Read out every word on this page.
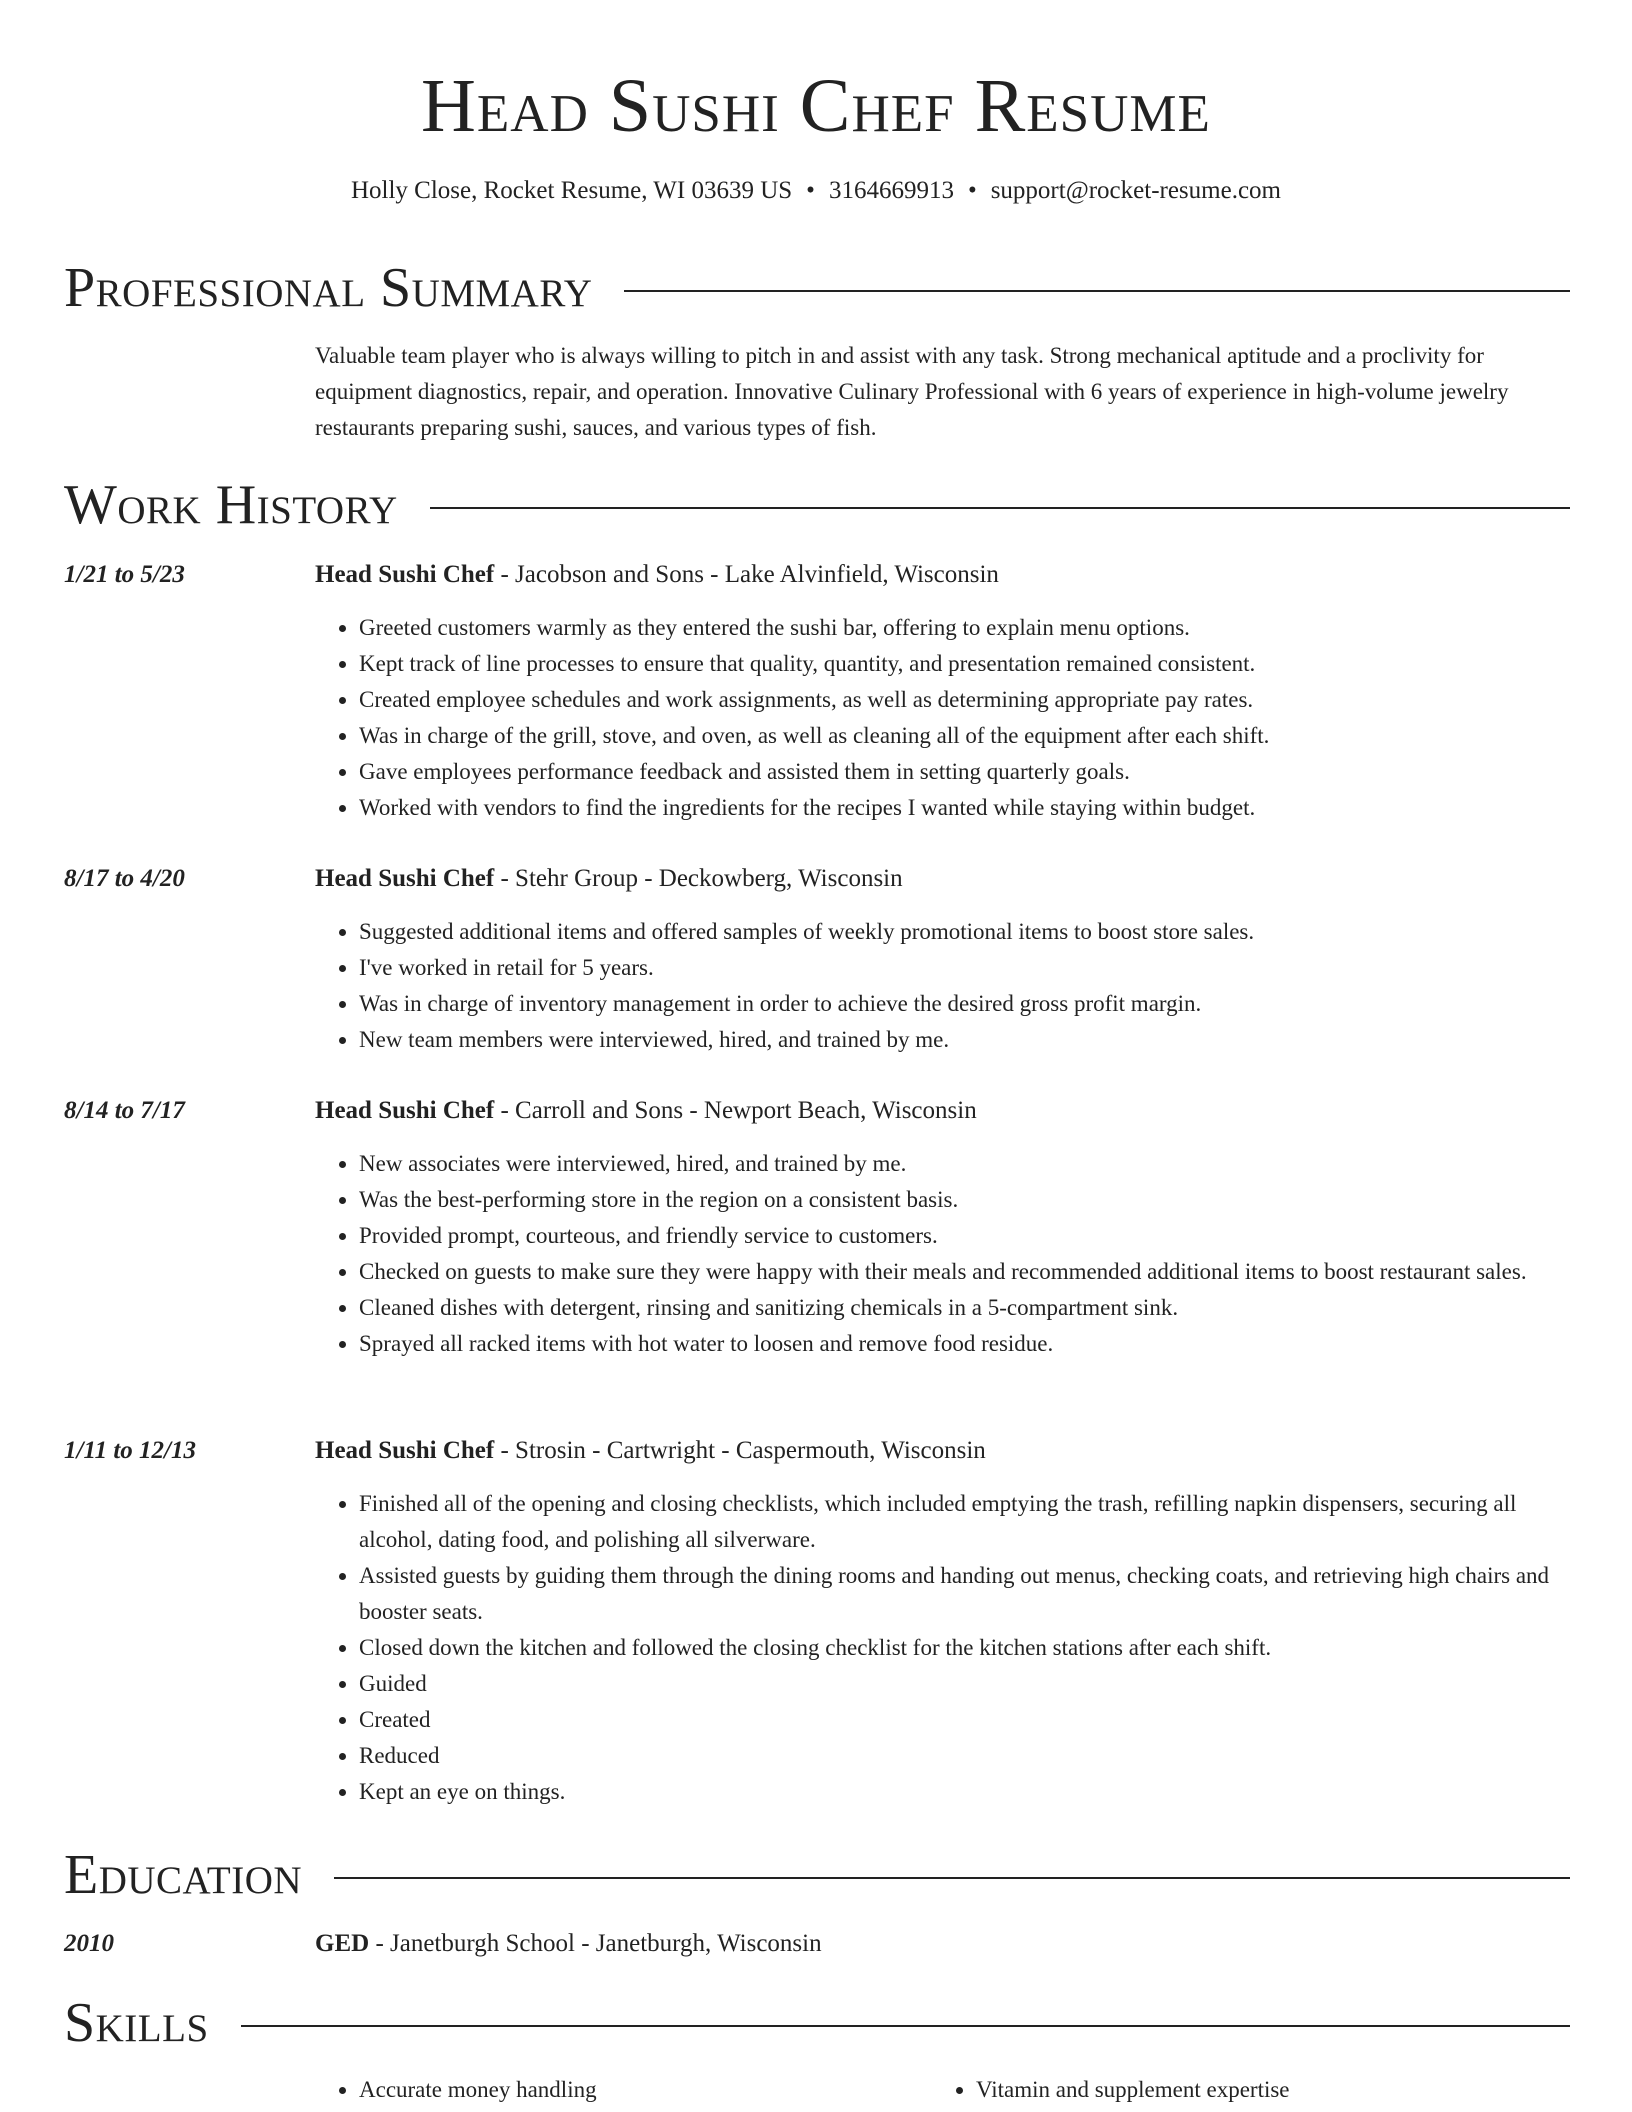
Head Sushi Chef Resume
Holly Close, Rocket Resume, WI 03639 US • 3164669913 • support@rocket-resume.com
Professional Summary

Valuable team player who is always willing to pitch in and assist with any task. Strong mechanical aptitude and a proclivity for equipment diagnostics, repair, and operation. Innovative Culinary Professional with 6 years of experience in high-volume jewelry restaurants preparing sushi, sauces, and various types of fish.

Work History
1/21 to 5/23	Head Sushi Chef - Jacobson and Sons - Lake Alvinfield, Wisconsin
• Greeted customers warmly as they entered the sushi bar, offering to explain menu options.
• Kept track of line processes to ensure that quality, quantity, and presentation remained consistent.
• Created employee schedules and work assignments, as well as determining appropriate pay rates.
• Was in charge of the grill, stove, and oven, as well as cleaning all of the equipment after each shift.
• Gave employees performance feedback and assisted them in setting quarterly goals.
• Worked with vendors to find the ingredients for the recipes I wanted while staying within budget.
8/17 to 4/20	Head Sushi Chef - Stehr Group - Deckowberg, Wisconsin
• Suggested additional items and offered samples of weekly promotional items to boost store sales.
• I've worked in retail for 5 years.
• Was in charge of inventory management in order to achieve the desired gross profit margin.
• New team members were interviewed, hired, and trained by me.
8/14 to 7/17	Head Sushi Chef - Carroll and Sons - Newport Beach, Wisconsin
• New associates were interviewed, hired, and trained by me.
• Was the best-performing store in the region on a consistent basis.
• Provided prompt, courteous, and friendly service to customers.
• Checked on guests to make sure they were happy with their meals and recommended additional items to boost restaurant sales.
• Cleaned dishes with detergent, rinsing and sanitizing chemicals in a 5-compartment sink.
• Sprayed all racked items with hot water to loosen and remove food residue.
1/11 to 12/13	Head Sushi Chef - Strosin - Cartwright - Caspermouth, Wisconsin
• Finished all of the opening and closing checklists, which included emptying the trash, refilling napkin dispensers, securing all alcohol, dating food, and polishing all silverware.
• Assisted guests by guiding them through the dining rooms and handing out menus, checking coats, and retrieving high chairs and booster seats.
• Closed down the kitchen and followed the closing checklist for the kitchen stations after each shift.
• Guided
• Created
• Reduced
• Kept an eye on things.
Education
2010	GED - Janetburgh School - Janetburgh, Wisconsin
Skills
• Accurate money handling
•	Vitamin and supplement expertise
